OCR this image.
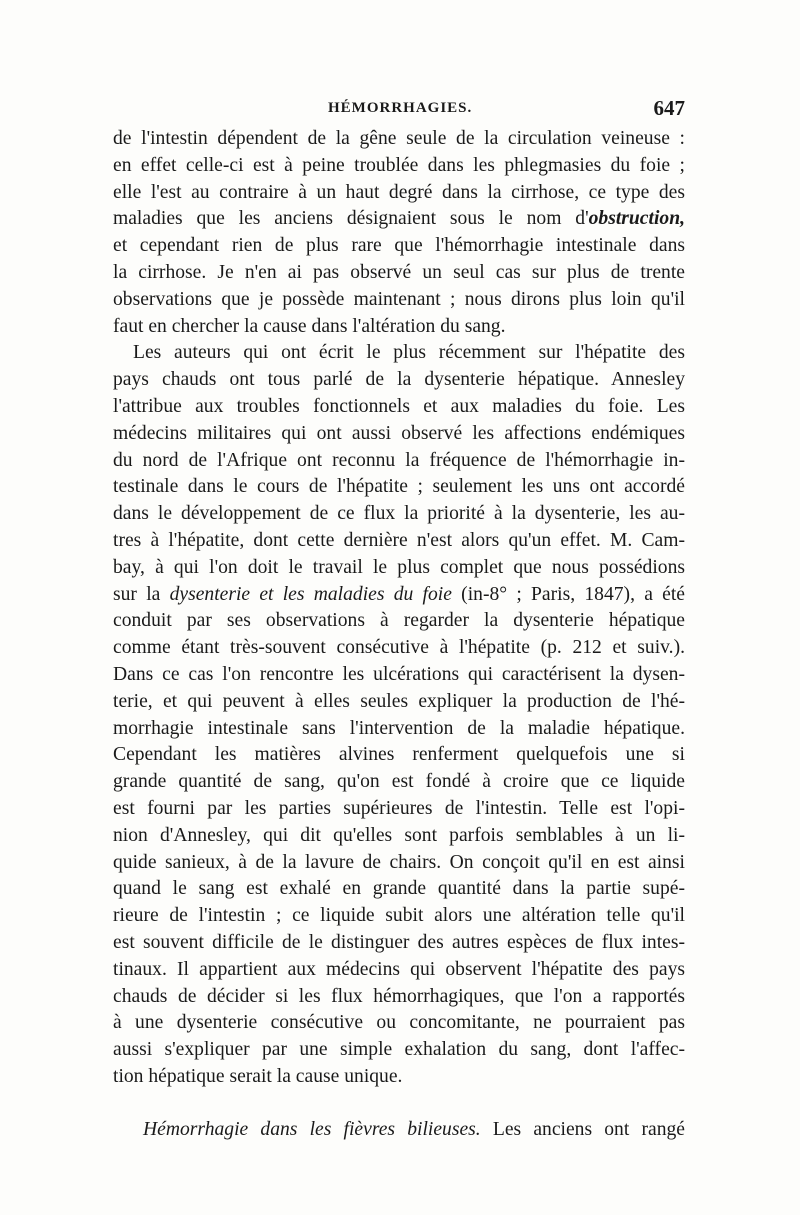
HÉMORRHAGIES.	647
de l'intestin dépendent de la gêne seule de la circulation veineuse :
en effet celle-ci est à peine troublée dans les phlegmasies du foie ;
elle l'est au contraire à un haut degré dans la cirrhose, ce type des
maladies que les anciens désignaient sous le nom d'obstruction,
et cependant rien de plus rare que l'hémorrhagie intestinale dans
la cirrhose. Je n'en ai pas observé un seul cas sur plus de trente
observations que je possède maintenant ; nous dirons plus loin qu'il
faut en chercher la cause dans l'altération du sang.
Les auteurs qui ont écrit le plus récemment sur l'hépatite des
pays chauds ont tous parlé de la dysenterie hépatique. Annesley
l'attribue aux troubles fonctionnels et aux maladies du foie. Les
médecins militaires qui ont aussi observé les affections endémiques
du nord de l'Afrique ont reconnu la fréquence de l'hémorrhagie in-
testinale dans le cours de l'hépatite ; seulement les uns ont accordé
dans le développement de ce flux la priorité à la dysenterie, les au-
tres à l'hépatite, dont cette dernière n'est alors qu'un effet. M. Cam-
bay, à qui l'on doit le travail le plus complet que nous possédions
sur la dysenterie et les maladies du foie (in-8° ; Paris, 1847), a été
conduit par ses observations à regarder la dysenterie hépatique
comme étant très-souvent consécutive à l'hépatite (p. 212 et suiv.).
Dans ce cas l'on rencontre les ulcérations qui caractérisent la dysen-
terie, et qui peuvent à elles seules expliquer la production de l'hé-
morrhagie intestinale sans l'intervention de la maladie hépatique.
Cependant les matières alvines renferment quelquefois une si
grande quantité de sang, qu'on est fondé à croire que ce liquide
est fourni par les parties supérieures de l'intestin. Telle est l'opi-
nion d'Annesley, qui dit qu'elles sont parfois semblables à un li-
quide sanieux, à de la lavure de chairs. On conçoit qu'il en est ainsi
quand le sang est exhalé en grande quantité dans la partie supé-
rieure de l'intestin ; ce liquide subit alors une altération telle qu'il
est souvent difficile de le distinguer des autres espèces de flux intes-
tinaux. Il appartient aux médecins qui observent l'hépatite des pays
chauds de décider si les flux hémorrhagiques, que l'on a rapportés
à une dysenterie consécutive ou concomitante, ne pourraient pas
aussi s'expliquer par une simple exhalation du sang, dont l'affec-
tion hépatique serait la cause unique.
Hémorrhagie dans les fièvres bilieuses. Les anciens ont rangé
